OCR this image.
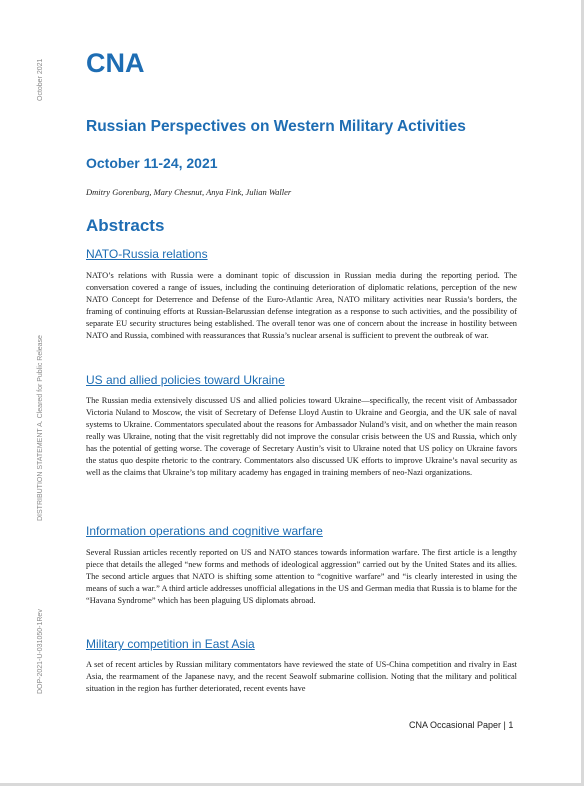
October 2021
DISTRIBUTION STATEMENT A. Cleared for Public Release
DOP-2021-U-031050-1Rev
CNA
Russian Perspectives on Western Military Activities
October 11-24, 2021
Dmitry Gorenburg, Mary Chesnut, Anya Fink, Julian Waller
Abstracts
NATO-Russia relations
NATO’s relations with Russia were a dominant topic of discussion in Russian media during the reporting period. The conversation covered a range of issues, including the continuing deterioration of diplomatic relations, perception of the new NATO Concept for Deterrence and Defense of the Euro-Atlantic Area, NATO military activities near Russia’s borders, the framing of continuing efforts at Russian-Belarussian defense integration as a response to such activities, and the possibility of separate EU security structures being established. The overall tenor was one of concern about the increase in hostility between NATO and Russia, combined with reassurances that Russia’s nuclear arsenal is sufficient to prevent the outbreak of war.
US and allied policies toward Ukraine
The Russian media extensively discussed US and allied policies toward Ukraine—specifically, the recent visit of Ambassador Victoria Nuland to Moscow, the visit of Secretary of Defense Lloyd Austin to Ukraine and Georgia, and the UK sale of naval systems to Ukraine. Commentators speculated about the reasons for Ambassador Nuland’s visit, and on whether the main reason really was Ukraine, noting that the visit regrettably did not improve the consular crisis between the US and Russia, which only has the potential of getting worse. The coverage of Secretary Austin’s visit to Ukraine noted that US policy on Ukraine favors the status quo despite rhetoric to the contrary. Commentators also discussed UK efforts to improve Ukraine’s naval security as well as the claims that Ukraine’s top military academy has engaged in training members of neo-Nazi organizations.
Information operations and cognitive warfare
Several Russian articles recently reported on US and NATO stances towards information warfare. The first article is a lengthy piece that details the alleged “new forms and methods of ideological aggression” carried out by the United States and its allies. The second article argues that NATO is shifting some attention to “cognitive warfare” and “is clearly interested in using the means of such a war.” A third article addresses unofficial allegations in the US and German media that Russia is to blame for the “Havana Syndrome” which has been plaguing US diplomats abroad.
Military competition in East Asia
A set of recent articles by Russian military commentators have reviewed the state of US-China competition and rivalry in East Asia, the rearmament of the Japanese navy, and the recent Seawolf submarine collision. Noting that the military and political situation in the region has further deteriorated, recent events have
CNA Occasional Paper | 1
